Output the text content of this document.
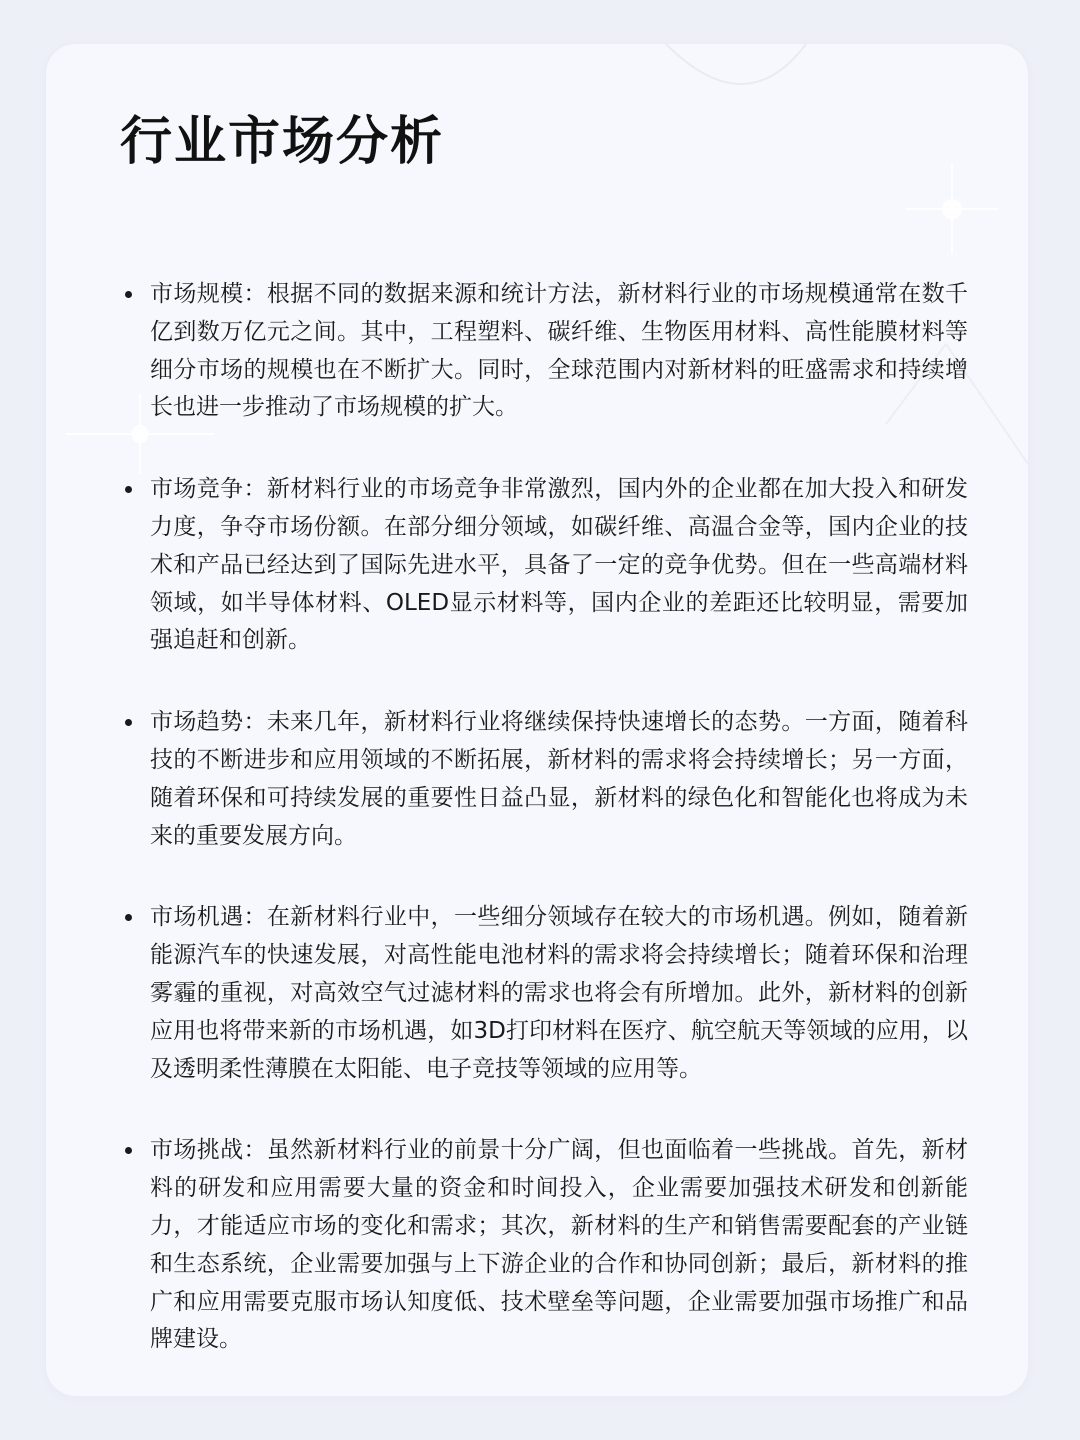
行业市场分析
市场规模：根据不同的数据来源和统计方法，新材料行业的市场规模通常在数千亿到数万亿元之间。其中，工程塑料、碳纤维、生物医用材料、高性能膜材料等细分市场的规模也在不断扩大。同时，全球范围内对新材料的旺盛需求和持续增长也进一步推动了市场规模的扩大。
市场竞争：新材料行业的市场竞争非常激烈，国内外的企业都在加大投入和研发力度，争夺市场份额。在部分细分领域，如碳纤维、高温合金等，国内企业的技术和产品已经达到了国际先进水平，具备了一定的竞争优势。但在一些高端材料领域，如半导体材料、OLED显示材料等，国内企业的差距还比较明显，需要加强追赶和创新。
市场趋势：未来几年，新材料行业将继续保持快速增长的态势。一方面，随着科技的不断进步和应用领域的不断拓展，新材料的需求将会持续增长；另一方面，随着环保和可持续发展的重要性日益凸显，新材料的绿色化和智能化也将成为未来的重要发展方向。
市场机遇：在新材料行业中，一些细分领域存在较大的市场机遇。例如，随着新能源汽车的快速发展，对高性能电池材料的需求将会持续增长；随着环保和治理雾霾的重视，对高效空气过滤材料的需求也将会有所增加。此外，新材料的创新应用也将带来新的市场机遇，如3D打印材料在医疗、航空航天等领域的应用，以及透明柔性薄膜在太阳能、电子竞技等领域的应用等。
市场挑战：虽然新材料行业的前景十分广阔，但也面临着一些挑战。首先，新材料的研发和应用需要大量的资金和时间投入，企业需要加强技术研发和创新能力，才能适应市场的变化和需求；其次，新材料的生产和销售需要配套的产业链和生态系统，企业需要加强与上下游企业的合作和协同创新；最后，新材料的推广和应用需要克服市场认知度低、技术壁垒等问题，企业需要加强市场推广和品牌建设。
